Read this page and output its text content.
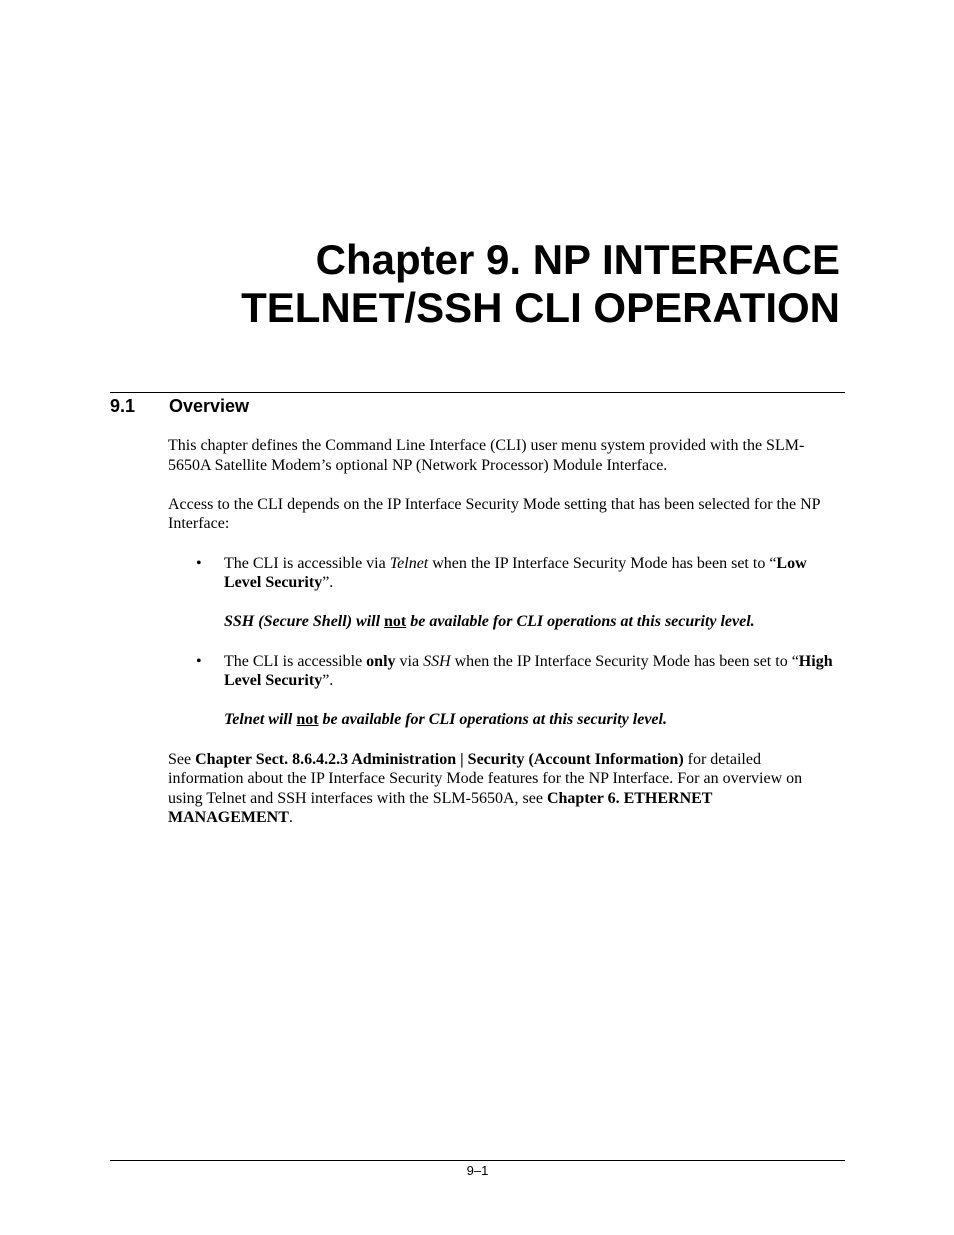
Chapter 9. NP INTERFACE
TELNET/SSH CLI OPERATION
9.1 Overview

This chapter defines the Command Line Interface (CLI) user menu system provided with the SLM-5650A Satellite Modem’s optional NP (Network Processor) Module Interface.

Access to the CLI depends on the IP Interface Security Mode setting that has been selected for the NP Interface:

• The CLI is accessible via Telnet when the IP Interface Security Mode has been set to “Low Level Security”.
SSH (Secure Shell) will not be available for CLI operations at this security level.
• The CLI is accessible only via SSH when the IP Interface Security Mode has been set to “High Level Security”.
Telnet will not be available for CLI operations at this security level.

See Chapter Sect. 8.6.4.2.3 Administration | Security (Account Information) for detailed information about the IP Interface Security Mode features for the NP Interface. For an overview on using Telnet and SSH interfaces with the SLM-5650A, see Chapter 6. ETHERNET MANAGEMENT.

9–1
